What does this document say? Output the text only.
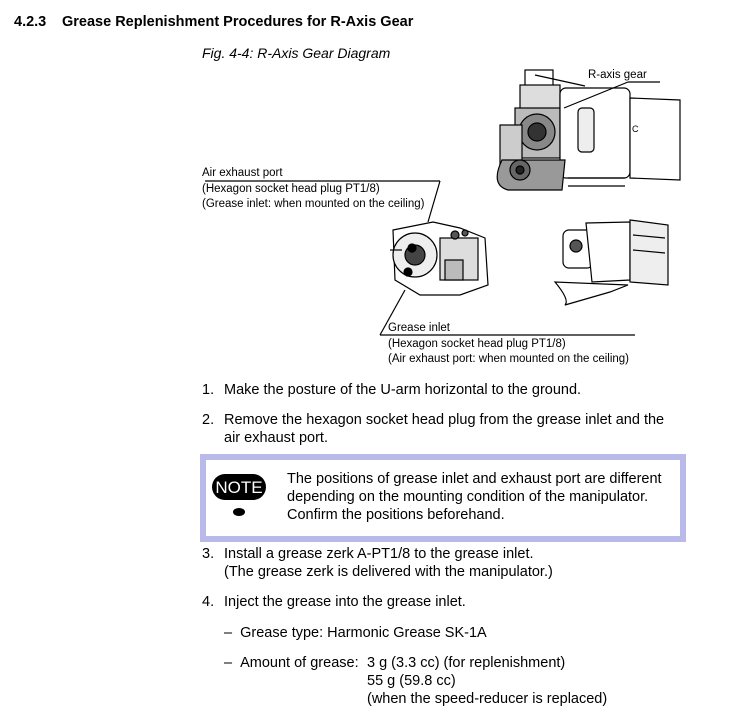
4.2.3 Grease Replenishment Procedures for R-Axis Gear
Fig. 4-4: R-Axis Gear Diagram
C
R-axis gear
Air exhaust port
(Hexagon socket head plug PT1/8)
(Grease inlet: when mounted on the ceiling)
Grease inlet
(Hexagon socket head plug PT1/8)
(Air exhaust port: when mounted on the ceiling)
1. Make the posture of the U-arm horizontal to the ground.
2. Remove the hexagon socket head plug from the grease inlet and the air exhaust port.
NOTE The positions of grease inlet and exhaust port are different depending on the mounting condition of the manipulator. Confirm the positions beforehand.
3. Install a grease zerk A-PT1/8 to the grease inlet. (The grease zerk is delivered with the manipulator.)
4. Inject the grease into the grease inlet.
– Grease type: Harmonic Grease SK-1A
– Amount of grease: 3 g (3.3 cc) (for replenishment)
55 g (59.8 cc)
(when the speed-reducer is replaced)
